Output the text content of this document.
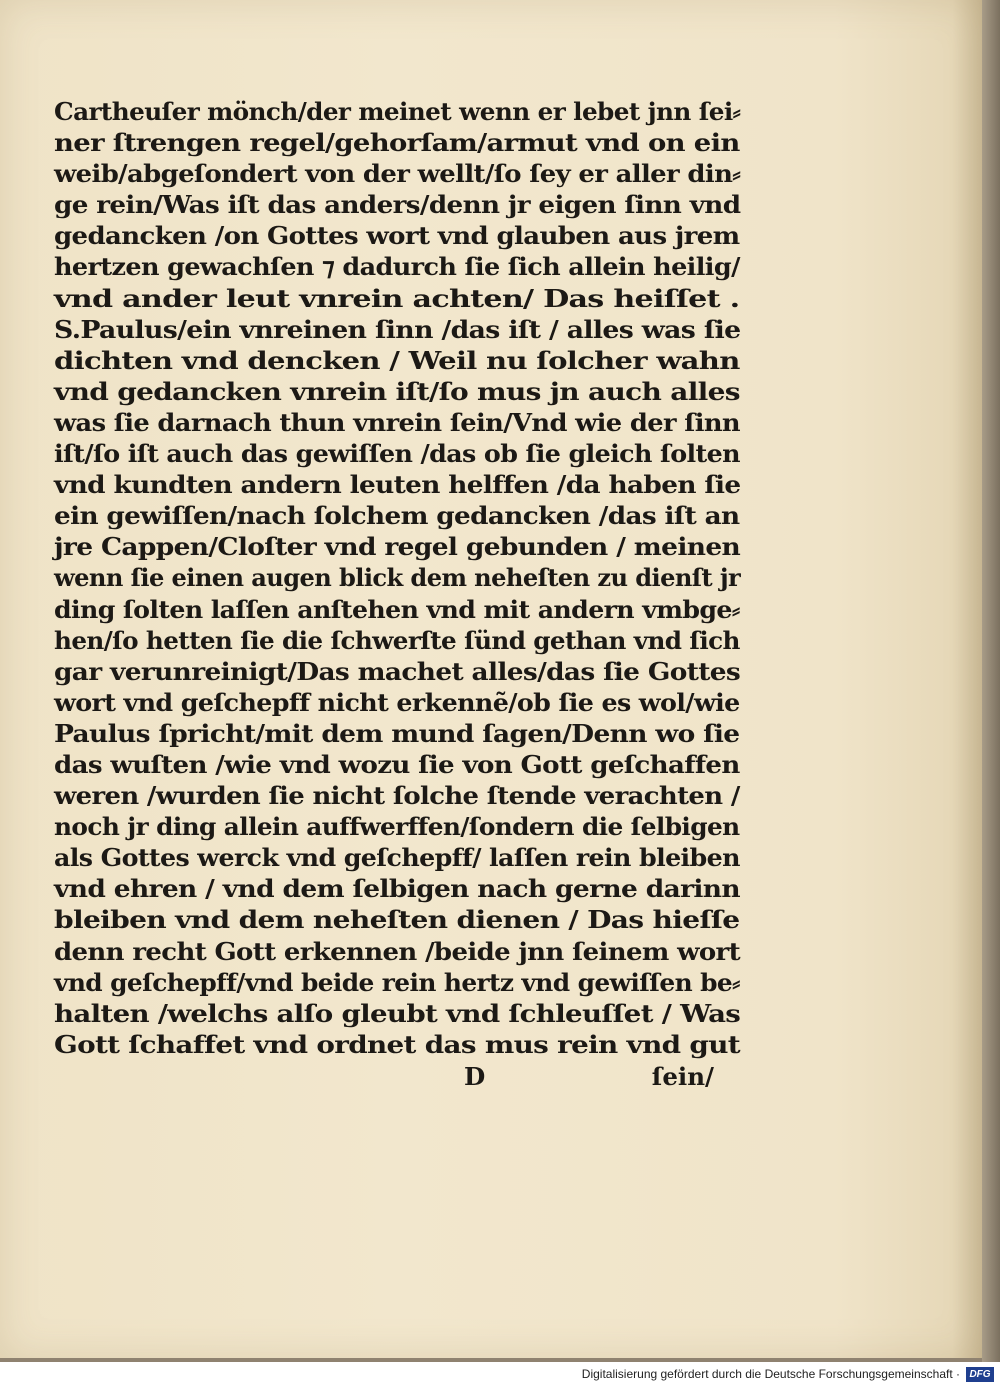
Cartheuſer mönch/der meinet wenn er lebet jnn ſei⸗
ner ſtrengen regel/gehorſam/armut vnd on ein
weib/abgeſondert von der wellt/ſo ſey er aller din⸗
ge rein/Was iſt das anders/denn jr eigen ſinn vnd
gedancken /on Gottes wort vnd glauben aus jrem
hertzen gewachſen ⁊ dadurch ſie ſich allein heilig/
vnd ander leut vnrein achten/ Das heiſſet .
S.Paulus/ein vnreinen ſinn /das iſt / alles was ſie
dichten vnd dencken / Weil nu ſolcher wahn
vnd gedancken vnrein iſt/ſo mus jn auch alles
was ſie darnach thun vnrein ſein/Vnd wie der ſinn
iſt/ſo iſt auch das gewiſſen /das ob ſie gleich ſolten
vnd kundten andern leuten helffen /da haben ſie
ein gewiſſen/nach ſolchem gedancken /das iſt an
jre Cappen/Cloſter vnd regel gebunden / meinen
wenn ſie einen augen blick dem neheſten zu dienſt jr
ding ſolten laſſen anſtehen vnd mit andern vmbge⸗
hen/ſo hetten ſie die ſchwerſte ſünd gethan vnd ſich
gar verunreinigt/Das machet alles/das ſie Gottes
wort vnd geſchepff nicht erkennẽ/ob ſie es wol/wie
Paulus ſpricht/mit dem mund ſagen/Denn wo ſie
das wuſten /wie vnd wozu ſie von Gott geſchaffen
weren /wurden ſie nicht ſolche ſtende verachten /
noch jr ding allein auffwerffen/ſondern die ſelbigen
als Gottes werck vnd geſchepff/ laſſen rein bleiben
vnd ehren / vnd dem ſelbigen nach gerne darinn
bleiben vnd dem neheſten dienen / Das hieſſe
denn recht Gott erkennen /beide jnn ſeinem wort
vnd geſchepff/vnd beide rein hertz vnd gewiſſen be⸗
halten /welchs alſo gleubt vnd ſchleuſſet / Was
Gott ſchaffet vnd ordnet das mus rein vnd gut
D	ſein/
Digitalisierung gefördert durch die Deutsche Forschungsgemeinschaft · DFG
